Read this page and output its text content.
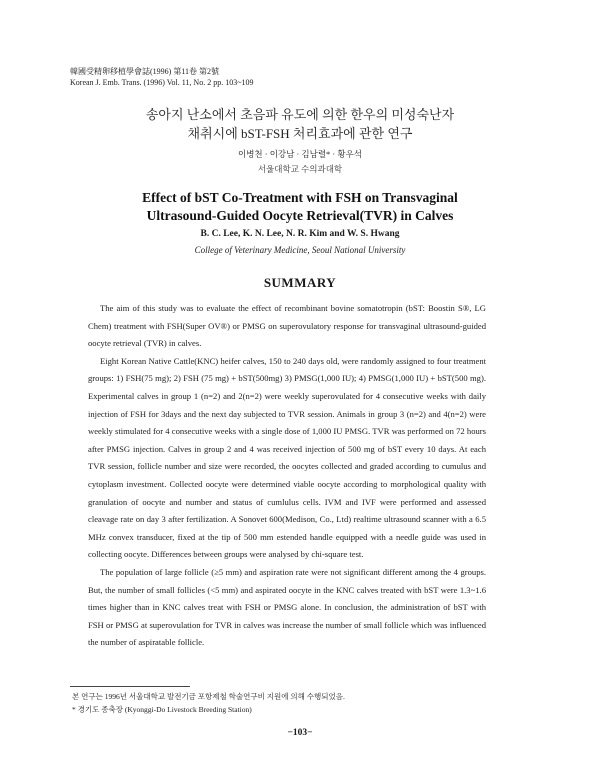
韓國受精卵移植學會誌(1996) 第11卷 第2號
Korean J. Emb. Trans. (1996) Vol. 11, No. 2 pp. 103~109
송아지 난소에서 초음파 유도에 의한 한우의 미성숙난자
채취시에 bST-FSH 처리효과에 관한 연구
이병천 · 이강남 · 김남렬* · 황우석
서울대학교 수의과대학
Effect of bST Co-Treatment with FSH on Transvaginal
Ultrasound-Guided Oocyte Retrieval(TVR) in Calves
B. C. Lee, K. N. Lee, N. R. Kim and W. S. Hwang
College of Veterinary Medicine, Seoul National University
SUMMARY

The aim of this study was to evaluate the effect of recombinant bovine somatotropin (bST: Boostin S®, LG Chem) treatment with FSH(Super OV®) or PMSG on superovulatory response for transvaginal ultrasound-guided oocyte retrieval (TVR) in calves.

Eight Korean Native Cattle(KNC) heifer calves, 150 to 240 days old, were randomly assigned to four treatment groups: 1) FSH(75 mg); 2) FSH (75 mg) + bST(500mg) 3) PMSG(1,000 IU); 4) PMSG(1,000 IU) + bST(500 mg). Experimental calves in group 1 (n=2) and 2(n=2) were weekly superovulated for 4 consecutive weeks with daily injection of FSH for 3days and the next day subjected to TVR session. Animals in group 3 (n=2) and 4(n=2) were weekly stimulated for 4 consecutive weeks with a single dose of 1,000 IU PMSG. TVR was performed on 72 hours after PMSG injection. Calves in group 2 and 4 was received injection of 500 mg of bST every 10 days. At each TVR session, follicle number and size were recorded, the oocytes collected and graded according to cumulus and cytoplasm investment. Collected oocyte were determined viable oocyte according to morphological quality with granulation of oocyte and number and status of cumlulus cells. IVM and IVF were performed and assessed cleavage rate on day 3 after fertilization. A Sonovet 600(Medison, Co., Ltd) realtime ultrasound scanner with a 6.5 MHz convex transducer, fixed at the tip of 500 mm estended handle equipped with a needle guide was used in collecting oocyte. Differences between groups were analysed by chi-square test.

The population of large follicle (≥5 mm) and aspiration rate were not significant different among the 4 groups. But, the number of small follicles (<5 mm) and aspirated oocyte in the KNC calves treated with bST were 1.3~1.6 times higher than in KNC calves treat with FSH or PMSG alone. In conclusion, the administration of bST with FSH or PMSG at superovulation for TVR in calves was increase the number of small follicle which was influenced the number of aspiratable follicle.

본 연구는 1996년 서울대학교 발전기금 포항제철 학술연구비 지원에 의해 수행되었음.
* 경기도 종축장 (Kyonggi-Do Livestock Breeding Station)
−103−
